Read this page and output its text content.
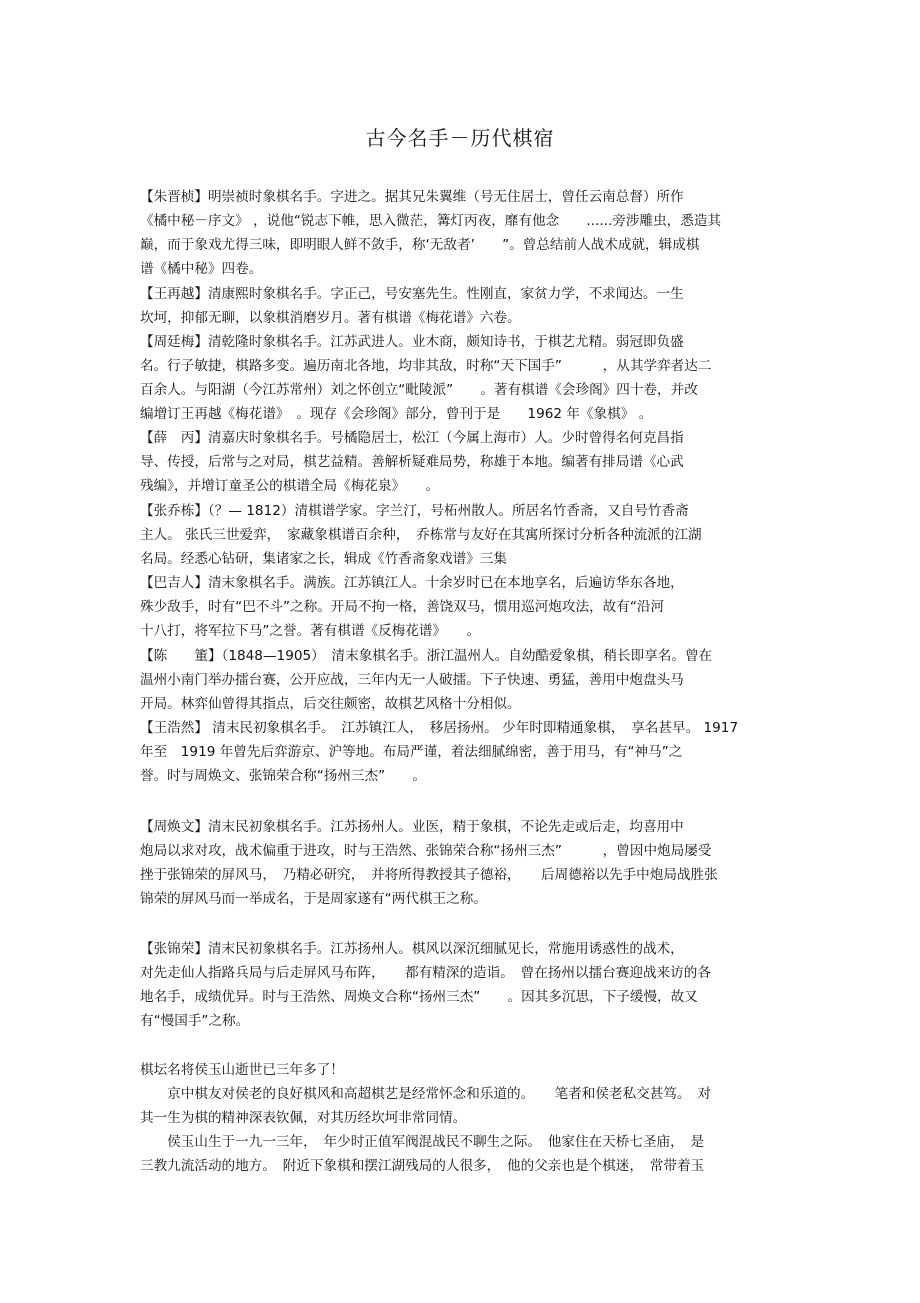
古今名手－历代棋宿
【朱晋桢】明崇祯时象棋名手。字进之。据其兄朱翼维（号无住居士，曾任云南总督）所作
《橘中秘－序文》 ，说他“锐志下帷，思入微茫，篝灯丙夜，靡有他念　　......旁涉雕虫，悉造其
巅，而于象戏尤得三味，即明眼人鲜不敛手，称‘无敌者’　　”。曾总结前人战术成就，辑成棋
谱《橘中秘》四卷。
【王再越】清康熙时象棋名手。字正己，号安塞先生。性刚直，家贫力学，不求闻达。一生
坎坷，抑郁无聊，以象棋消磨岁月。著有棋谱《梅花谱》六卷。
【周廷梅】清乾隆时象棋名手。江苏武进人。业木商，颇知诗书，于棋艺尤精。弱冠即负盛
名。行子敏捷，棋路多变。遍历南北各地，均非其敌，时称“天下国手”　　　，从其学弈者达二
百余人。与阳湖（今江苏常州）刘之怀创立“毗陵派”　　。著有棋谱《会珍阁》四十卷，并改
编增订王再越《梅花谱》　。现存《会珍阁》部分，曾刊于是　　1962 年《象棋》 。
【薛　丙】清嘉庆时象棋名手。号橘隐居士，松江（今属上海市）人。少时曾得名何克昌指
导、传授，后常与之对局，棋艺益精。善解析疑难局势，称雄于本地。编著有排局谱《心武
残编》，并增订童圣公的棋谱全局《梅花泉》　　。
【张乔栋】（？— 1812）清棋谱学家。字兰汀，号柘州散人。所居名竹香斋，又自号竹香斋
主人。 张氏三世爱弈，　家藏象棋谱百余种，　乔栋常与友好在其寓所探讨分析各种流派的江湖
名局。经悉心钻研，集诸家之长，辑成《竹香斋象戏谱》三集
【巴吉人】清末象棋名手。满族。江苏镇江人。十余岁时已在本地享名，后遍访华东各地，
殊少敌手，时有“巴不斗”之称。开局不拘一格，善饶双马，惯用巡河炮攻法，故有“沿河
十八打，将军拉下马”之誉。著有棋谱《反梅花谱》　　。
【陈　　箽】（1848—1905）　清末象棋名手。浙江温州人。自幼酷爱象棋，稍长即享名。曾在
温州小南门举办擂台赛，公开应战，三年内无一人破擂。下子快速、勇猛，善用中炮盘头马
开局。林弈仙曾得其指点，后交往颇密，故棋艺风格十分相似。
【王浩然】 清末民初象棋名手。　江苏镇江人，　移居扬州。 少年时即精通象棋，　享名甚早。 1917
年至　1919 年曾先后弈游京、沪等地。布局严谨，着法细腻绵密，善于用马，有“神马”之
誉。时与周焕文、张锦荣合称“扬州三杰”　　。
【周焕文】清末民初象棋名手。江苏扬州人。业医，精于象棋，不论先走或后走，均喜用中
炮局以求对攻，战术偏重于进攻，时与王浩然、张锦荣合称“扬州三杰”　　　，曾因中炮局屡受
挫于张锦荣的屏风马，　乃精必研究，　并将所得教授其子德裕，　　后周德裕以先手中炮局战胜张
锦荣的屏风马而一举成名，于是周家遂有“两代棋王之称。
【张锦荣】清末民初象棋名手。江苏扬州人。棋风以深沉细腻见长，常施用诱惑性的战术，
对先走仙人指路兵局与后走屏风马布阵，　　都有精深的造诣。　曾在扬州以擂台赛迎战来访的各
地名手，成绩优异。时与王浩然、周焕文合称“扬州三杰”　　。因其多沉思，下子缓慢，故又
有“慢国手”之称。
棋坛名将侯玉山逝世已三年多了！
　　京中棋友对侯老的良好棋风和高超棋艺是经常怀念和乐道的。　　笔者和侯老私交甚笃。　对
其一生为棋的精神深表钦佩，对其历经坎坷非常同情。
　　侯玉山生于一九一三年，　年少时正值军阀混战民不聊生之际。　他家住在天桥七圣庙，　是
三教九流活动的地方。　附近下象棋和摆江湖残局的人很多，　他的父亲也是个棋迷，　常带着玉
